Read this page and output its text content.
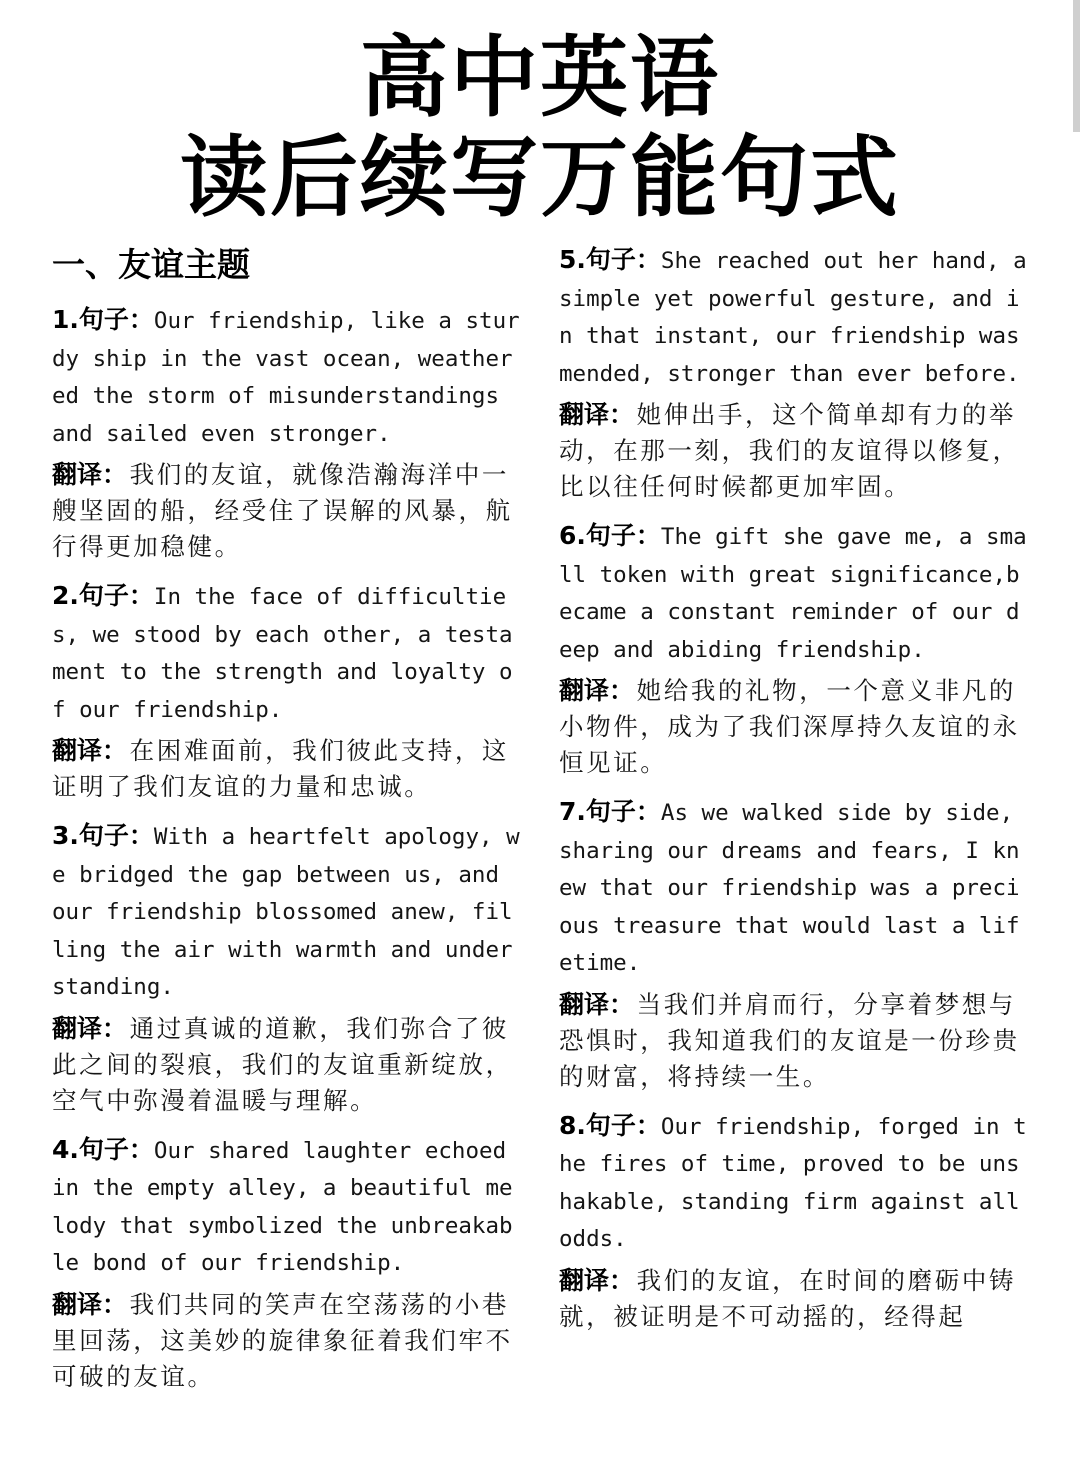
高中英语
读后续写万能句式
一、友谊主题

1.句子：Our friendship, like a sturdy ship in the vast ocean, weathered the storm of misunderstandings and sailed even stronger.

翻译：我们的友谊，就像浩瀚海洋中一艘坚固的船，经受住了误解的风暴，航行得更加稳健。

2.句子：In the face of difficulties, we stood by each other, a testament to the strength and loyalty of our friendship.

翻译：在困难面前，我们彼此支持，这证明了我们友谊的力量和忠诚。

3.句子：With a heartfelt apology, we bridged the gap between us, and our friendship blossomed anew, filling the air with warmth and understanding.

翻译：通过真诚的道歉，我们弥合了彼此之间的裂痕，我们的友谊重新绽放，空气中弥漫着温暖与理解。

4.句子：Our shared laughter echoed in the empty alley, a beautiful melody that symbolized the unbreakable bond of our friendship.

翻译：我们共同的笑声在空荡荡的小巷里回荡，这美妙的旋律象征着我们牢不可破的友谊。

5.句子：She reached out her hand, a simple yet powerful gesture, and in that instant, our friendship was mended, stronger than ever before.

翻译：她伸出手，这个简单却有力的举动，在那一刻，我们的友谊得以修复，比以往任何时候都更加牢固。

6.句子：The gift she gave me, a small token with great significance,became a constant reminder of our deep and abiding friendship.

翻译：她给我的礼物，一个意义非凡的小物件，成为了我们深厚持久友谊的永恒见证。

7.句子：As we walked side by side, sharing our dreams and fears, I knew that our friendship was a precious treasure that would last a lifetime.

翻译：当我们并肩而行，分享着梦想与恐惧时，我知道我们的友谊是一份珍贵的财富，将持续一生。

8.句子：Our friendship, forged in the fires of time, proved to be unshakable, standing firm against all odds.

翻译：我们的友谊，在时间的磨砺中铸就，被证明是不可动摇的，经得起
